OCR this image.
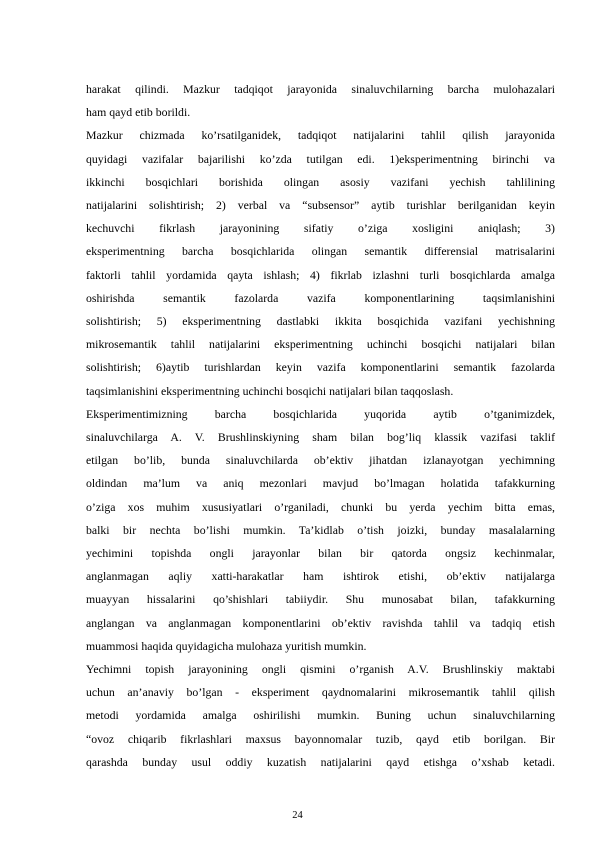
harakat qilindi. Mazkur tadqiqot jarayonida sinaluvchilarning barcha mulohazalari
ham qayd etib borildi.
Mazkur chizmada ko’rsatilganidek, tadqiqot natijalarini tahlil qilish jarayonida
quyidagi vazifalar bajarilishi ko’zda tutilgan edi. 1)eksperimentning birinchi va
ikkinchi bosqichlari borishida olingan asosiy vazifani yechish tahlilining
natijalarini solishtirish; 2) verbal va “subsensor” aytib turishlar berilganidan keyin
kechuvchi fikrlash jarayonining sifatiy o’ziga xosligini aniqlash; 3)
eksperimentning barcha bosqichlarida olingan semantik differensial matrisalarini
faktorli tahlil yordamida qayta ishlash; 4) fikrlab izlashni turli bosqichlarda amalga
oshirishda semantik fazolarda vazifa komponentlarining taqsimlanishini
solishtirish; 5) eksperimentning dastlabki ikkita bosqichida vazifani yechishning
mikrosemantik tahlil natijalarini eksperimentning uchinchi bosqichi natijalari bilan
solishtirish; 6)aytib turishlardan keyin vazifa komponentlarini semantik fazolarda
taqsimlanishini eksperimentning uchinchi bosqichi natijalari bilan taqqoslash.
Eksperimentimizning barcha bosqichlarida yuqorida aytib o’tganimizdek,
sinaluvchilarga A. V. Brushlinskiyning sham bilan bog’liq klassik vazifasi taklif
etilgan bo’lib, bunda sinaluvchilarda ob’ektiv jihatdan izlanayotgan yechimning
oldindan ma’lum va aniq mezonlari mavjud bo’lmagan holatida tafakkurning
o’ziga xos muhim xususiyatlari o’rganiladi, chunki bu yerda yechim bitta emas,
balki bir nechta bo’lishi mumkin. Ta’kidlab o’tish joizki, bunday masalalarning
yechimini topishda ongli jarayonlar bilan bir qatorda ongsiz kechinmalar,
anglanmagan aqliy xatti-harakatlar ham ishtirok etishi, ob’ektiv natijalarga
muayyan hissalarini qo’shishlari tabiiydir. Shu munosabat bilan, tafakkurning
anglangan va anglanmagan komponentlarini ob’ektiv ravishda tahlil va tadqiq etish
muammosi haqida quyidagicha mulohaza yuritish mumkin.
Yechimni topish jarayonining ongli qismini o’rganish A.V. Brushlinskiy maktabi
uchun an’anaviy bo’lgan - eksperiment qaydnomalarini mikrosemantik tahlil qilish
metodi yordamida amalga oshirilishi mumkin. Buning uchun sinaluvchilarning
“ovoz chiqarib fikrlashlari maxsus bayonnomalar tuzib, qayd etib borilgan. Bir
qarashda bunday usul oddiy kuzatish natijalarini qayd etishga o’xshab ketadi.
24
